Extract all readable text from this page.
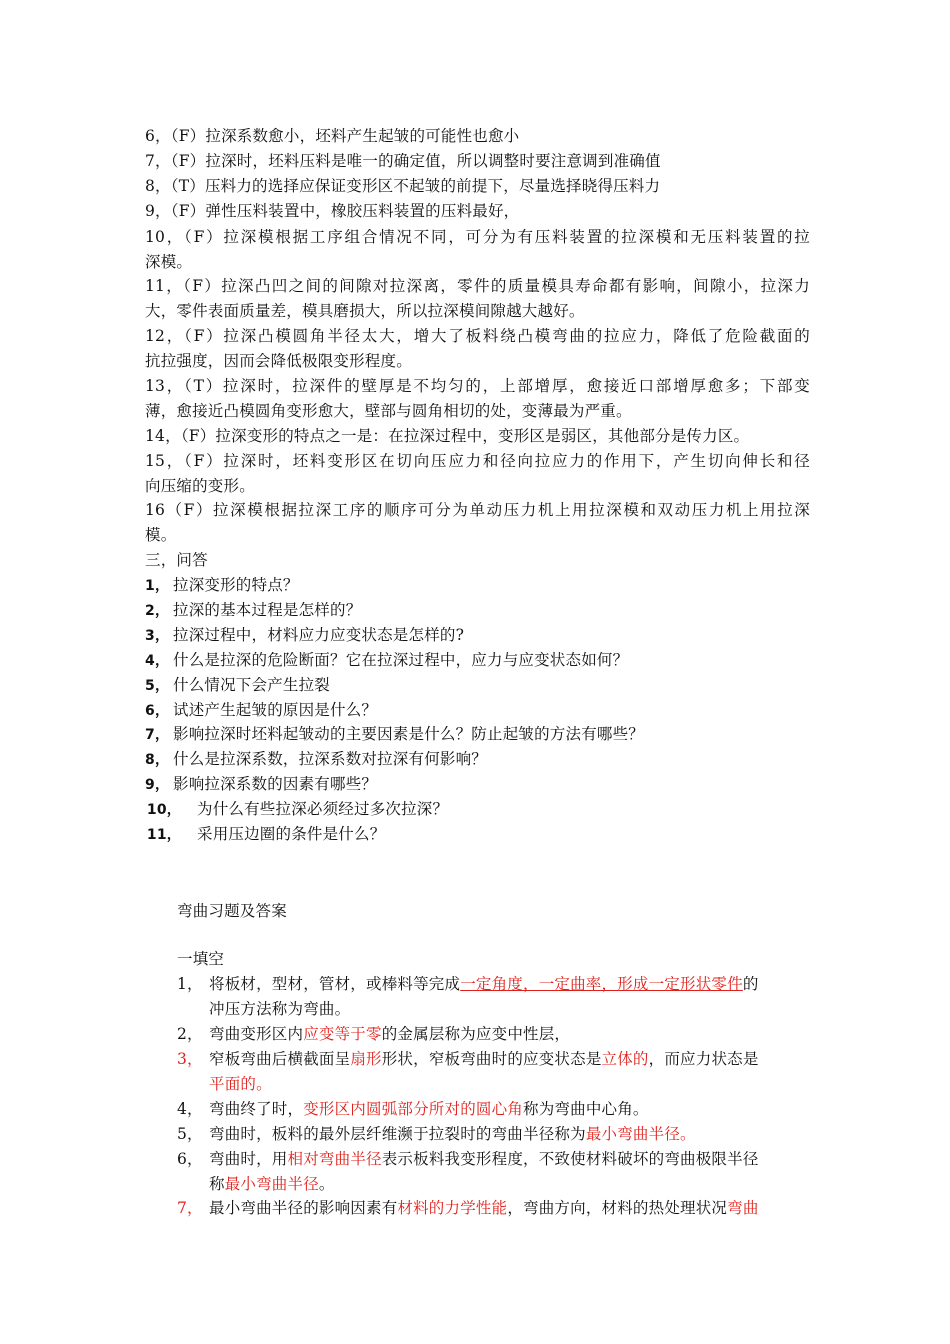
6，（F）拉深系数愈小，坯料产生起皱的可能性也愈小
7，（F）拉深时，坯料压料是唯一的确定值，所以调整时要注意调到准确值
8，（T）压料力的选择应保证变形区不起皱的前提下，尽量选择晓得压料力
9，（F）弹性压料装置中，橡胶压料装置的压料最好，
10，（F）拉深模根据工序组合情况不同，可分为有压料装置的拉深模和无压料装置的拉
深模。
11，（F）拉深凸凹之间的间隙对拉深离，零件的质量模具寿命都有影响，间隙小，拉深力
大，零件表面质量差，模具磨损大，所以拉深模间隙越大越好。
12，（F）拉深凸模圆角半径太大，增大了板料绕凸模弯曲的拉应力，降低了危险截面的
抗拉强度，因而会降低极限变形程度。
13，（T）拉深时，拉深件的壁厚是不均匀的，上部增厚，愈接近口部增厚愈多；下部变
薄，愈接近凸模圆角变形愈大，壁部与圆角相切的处，变薄最为严重。
14，（F）拉深变形的特点之一是：在拉深过程中，变形区是弱区，其他部分是传力区。
15，（F）拉深时，坯料变形区在切向压应力和径向拉应力的作用下，产生切向伸长和径
向压缩的变形。
16（F）拉深模根据拉深工序的顺序可分为单动压力机上用拉深模和双动压力机上用拉深
模。
三，问答
1， 拉深变形的特点？
2， 拉深的基本过程是怎样的？
3， 拉深过程中，材料应力应变状态是怎样的?
4， 什么是拉深的危险断面？它在拉深过程中，应力与应变状态如何？
5， 什么情况下会产生拉裂
6， 试述产生起皱的原因是什么？
7， 影响拉深时坯料起皱动的主要因素是什么？防止起皱的方法有哪些？
8， 什么是拉深系数，拉深系数对拉深有何影响？
9， 影响拉深系数的因素有哪些？
10， 为什么有些拉深必须经过多次拉深？
11， 采用压边圈的条件是什么？
弯曲习题及答案
一填空
1， 将板材，型材，管材，或棒料等完成一定角度，一定曲率，形成一定形状零件的
冲压方法称为弯曲。
2， 弯曲变形区内应变等于零的金属层称为应变中性层，
3， 窄板弯曲后横截面呈扇形形状，窄板弯曲时的应变状态是立体的，而应力状态是
平面的。
4， 弯曲终了时，变形区内圆弧部分所对的圆心角称为弯曲中心角。
5， 弯曲时，板料的最外层纤维濒于拉裂时的弯曲半径称为最小弯曲半径。
6， 弯曲时，用相对弯曲半径表示板料我变形程度，不致使材料破坏的弯曲极限半径
称最小弯曲半径。
7， 最小弯曲半径的影响因素有材料的力学性能，弯曲方向，材料的热处理状况弯曲
